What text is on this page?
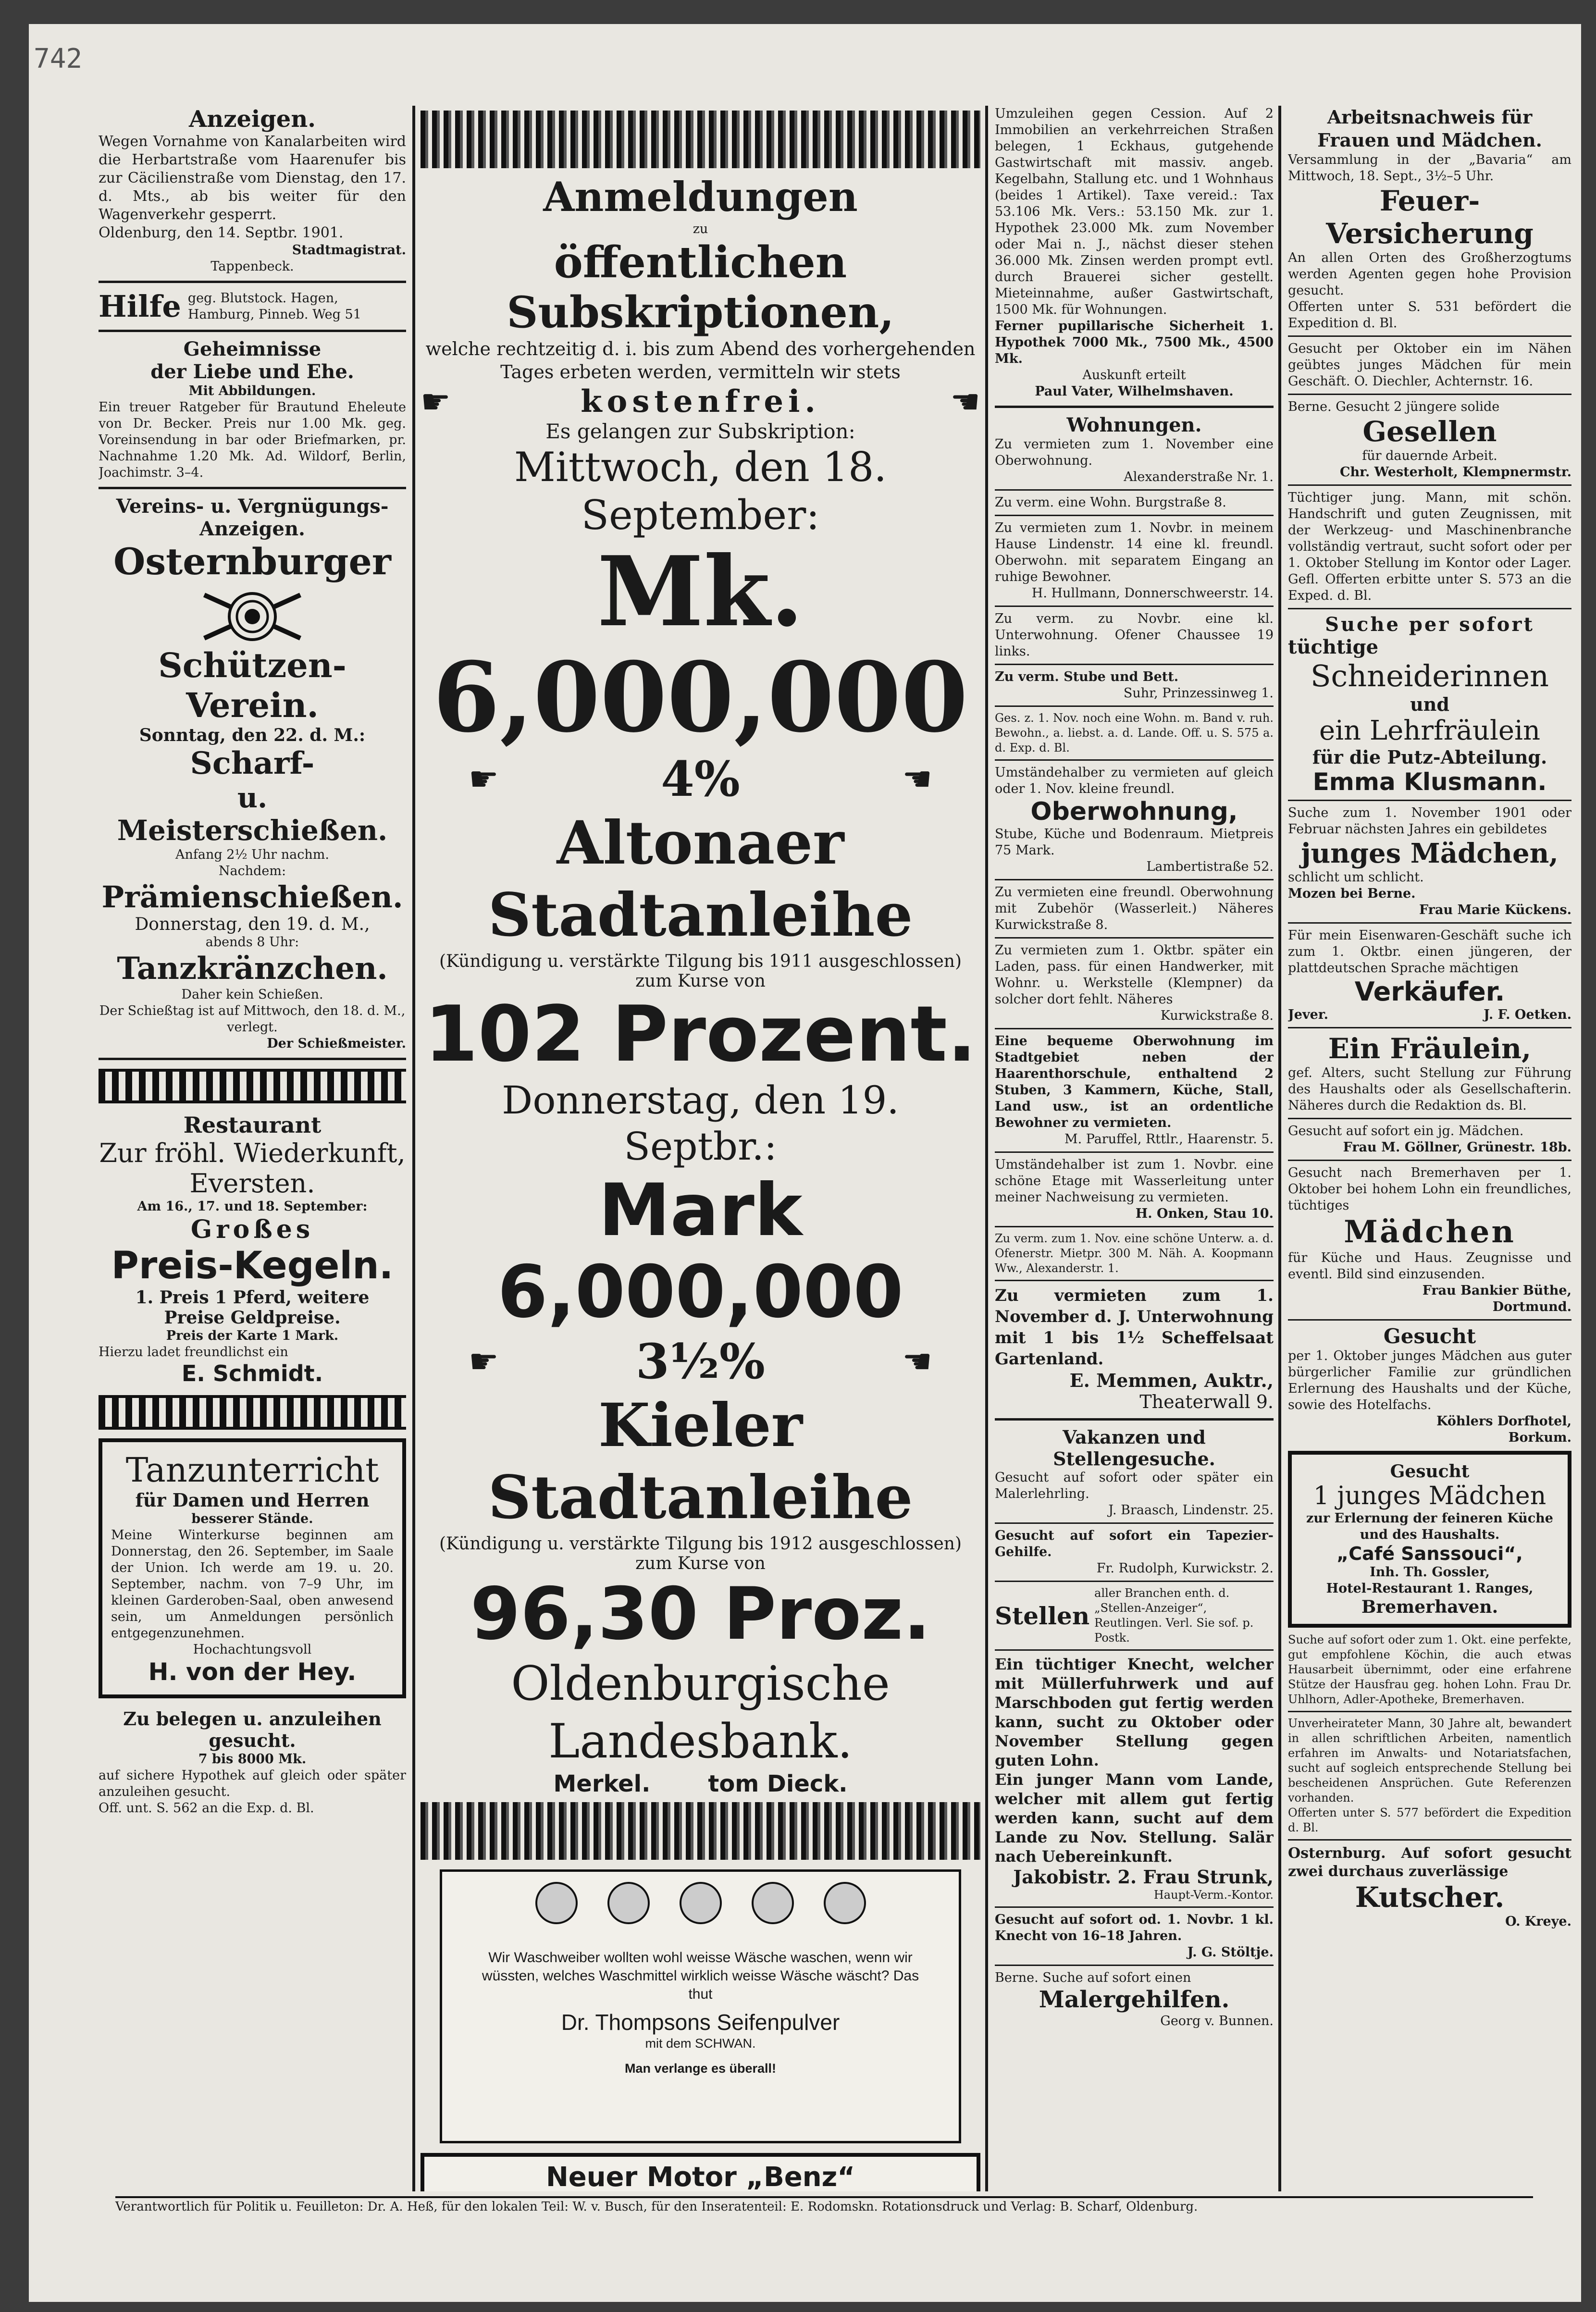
742
Anzeigen.
Wegen Vornahme von Kanalarbeiten wird die Herbartstraße vom Haarenufer bis zur Cäcilienstraße vom Dienstag, den 17. d. Mts., ab bis weiter für den Wagenverkehr gesperrt.
Oldenburg, den 14. Septbr. 1901.
Stadtmagistrat.
Tappenbeck.
Hilfe geg. Blutstock. Hagen, Hamburg, Pinneb. Weg 51
Geheimnisse
der Liebe und Ehe.
Mit Abbildungen.
Ein treuer Ratgeber für Brautund Eheleute von Dr. Becker. Preis nur 1.00 Mk. geg. Voreinsendung in bar oder Briefmarken, pr. Nachnahme 1.20 Mk. Ad. Wildorf, Berlin, Joachimstr. 3–4.
Vereins- u. Vergnügungs-
Anzeigen.
Osternburger
Schützen-Verein.
Sonntag, den 22. d. M.:
Scharf-
u. Meisterschießen.
Anfang 2½ Uhr nachm.
Nachdem:
Prämienschießen.
Donnerstag, den 19. d. M.,
abends 8 Uhr:
Tanzkränzchen.
Daher kein Schießen.
Der Schießtag ist auf Mittwoch, den 18. d. M., verlegt.
Der Schießmeister.
Restaurant
Zur fröhl. Wiederkunft,
Eversten.
Am 16., 17. und 18. September:
Großes
Preis-Kegeln.
1. Preis 1 Pferd, weitere
Preise Geldpreise.
Preis der Karte 1 Mark.
Hierzu ladet freundlichst ein
E. Schmidt.
Tanzunterricht
für Damen und Herren
besserer Stände.
Meine Winterkurse beginnen am Donnerstag, den 26. September, im Saale der Union. Ich werde am 19. u. 20. September, nachm. von 7–9 Uhr, im kleinen Garderoben-Saal, oben anwesend sein, um Anmeldungen persönlich entgegenzunehmen.
Hochachtungsvoll
H. von der Hey.
Zu belegen u. anzuleihen gesucht.
7 bis 8000 Mk.
auf sichere Hypothek auf gleich oder später anzuleihen gesucht.
Off. unt. S. 562 an die Exp. d. Bl.
Anmeldungen
zu
öffentlichen Subskriptionen,
welche rechtzeitig d. i. bis zum Abend des vorhergehenden Tages erbeten werden, vermitteln wir stets
☛	kostenfrei.	☚
Es gelangen zur Subskription:
Mittwoch, den 18. September:
Mk. 6,000,000
☛	4%	☚
Altonaer Stadtanleihe
(Kündigung u. verstärkte Tilgung bis 1911 ausgeschlossen)
zum Kurse von
102 Prozent.
Donnerstag, den 19. Septbr.:
Mark 6,000,000
☛	3½%	☚
Kieler Stadtanleihe
(Kündigung u. verstärkte Tilgung bis 1912 ausgeschlossen)
zum Kurse von
96,30 Proz.
Oldenburgische Landesbank.
Merkel.	tom Dieck.
Wir Waschweiber wollten wohl weisse Wäsche waschen, wenn wir wüssten, welches Waschmittel wirklich weisse Wäsche wäscht? Das thut
Dr. Thompsons Seifenpulver
mit dem SCHWAN.
Man verlange es überall!
Neuer Motor „Benz“
Umzuleihen gegen Cession. Auf 2 Immobilien an verkehrreichen Straßen belegen, 1 Eckhaus, gutgehende Gastwirtschaft mit massiv. angeb. Kegelbahn, Stallung etc. und 1 Wohnhaus (beides 1 Artikel). Taxe vereid.: Tax 53.106 Mk. Vers.: 53.150 Mk. zur 1. Hypothek 23.000 Mk. zum November oder Mai n. J., nächst dieser stehen 36.000 Mk. Zinsen werden prompt evtl. durch Brauerei sicher gestellt. Mieteinnahme, außer Gastwirtschaft, 1500 Mk. für Wohnungen.
Ferner pupillarische Sicherheit 1. Hypothek 7000 Mk., 7500 Mk., 4500 Mk.
Auskunft erteilt
Paul Vater, Wilhelmshaven.
Wohnungen.
Zu vermieten zum 1. November eine Oberwohnung.
Alexanderstraße Nr. 1.
Zu verm. eine Wohn. Burgstraße 8.
Zu vermieten zum 1. Novbr. in meinem Hause Lindenstr. 14 eine kl. freundl. Oberwohn. mit separatem Eingang an ruhige Bewohner.
H. Hullmann, Donnerschweerstr. 14.
Zu verm. zu Novbr. eine kl. Unterwohnung. Ofener Chaussee 19 links.
Zu verm. Stube und Bett.
Suhr, Prinzessinweg 1.
Ges. z. 1. Nov. noch eine Wohn. m. Band v. ruh. Bewohn., a. liebst. a. d. Lande. Off. u. S. 575 a. d. Exp. d. Bl.
Umständehalber zu vermieten auf gleich oder 1. Nov. kleine freundl.
Oberwohnung,
Stube, Küche und Bodenraum. Mietpreis 75 Mark.
Lambertistraße 52.
Zu vermieten eine freundl. Oberwohnung mit Zubehör (Wasserleit.) Näheres Kurwickstraße 8.
Zu vermieten zum 1. Oktbr. später ein Laden, pass. für einen Handwerker, mit Wohnr. u. Werkstelle (Klempner) da solcher dort fehlt. Näheres
Kurwickstraße 8.
Eine bequeme Oberwohnung im Stadtgebiet neben der Haarenthorschule, enthaltend 2 Stuben, 3 Kammern, Küche, Stall, Land usw., ist an ordentliche Bewohner zu vermieten.
M. Paruffel, Rttlr., Haarenstr. 5.
Umständehalber ist zum 1. Novbr. eine schöne Etage mit Wasserleitung unter meiner Nachweisung zu vermieten.
H. Onken, Stau 10.
Zu verm. zum 1. Nov. eine schöne Unterw. a. d. Ofenerstr. Mietpr. 300 M. Näh. A. Koopmann Ww., Alexanderstr. 1.
Zu vermieten zum 1. November d. J. Unterwohnung mit 1 bis 1½ Scheffelsaat Gartenland.
E. Memmen, Auktr.,
Theaterwall 9.
Vakanzen und Stellengesuche.
Gesucht auf sofort oder später ein Malerlehrling.
J. Braasch, Lindenstr. 25.
Gesucht auf sofort ein Tapezier-Gehilfe.
Fr. Rudolph, Kurwickstr. 2.
Stellen
aller Branchen enth. d. „Stellen-Anzeiger“, Reutlingen. Verl. Sie sof. p. Postk.
Ein tüchtiger Knecht, welcher mit Müllerfuhrwerk und auf Marschboden gut fertig werden kann, sucht zu Oktober oder November Stellung gegen guten Lohn.
Ein junger Mann vom Lande, welcher mit allem gut fertig werden kann, sucht auf dem Lande zu Nov. Stellung. Salär nach Uebereinkunft.
Jakobistr. 2. Frau Strunk,
Haupt-Verm.-Kontor.
Gesucht auf sofort od. 1. Novbr. 1 kl. Knecht von 16–18 Jahren.
J. G. Stöltje.
Berne. Suche auf sofort einen
Malergehilfen.
Georg v. Bunnen.
Arbeitsnachweis für Frauen und Mädchen.
Versammlung in der „Bavaria“ am Mittwoch, 18. Sept., 3½–5 Uhr.
Feuer-Versicherung
An allen Orten des Großherzogtums werden Agenten gegen hohe Provision gesucht.
Offerten unter S. 531 befördert die Expedition d. Bl.
Gesucht per Oktober ein im Nähen geübtes junges Mädchen für mein Geschäft. O. Diechler, Achternstr. 16.
Berne. Gesucht 2 jüngere solide
Gesellen
für dauernde Arbeit.
Chr. Westerholt, Klempnermstr.
Tüchtiger jung. Mann, mit schön. Handschrift und guten Zeugnissen, mit der Werkzeug- und Maschinenbranche vollständig vertraut, sucht sofort oder per 1. Oktober Stellung im Kontor oder Lager. Gefl. Offerten erbitte unter S. 573 an die Exped. d. Bl.
Suche per sofort
tüchtige
Schneiderinnen
und
ein Lehrfräulein
für die Putz-Abteilung.
Emma Klusmann.
Suche zum 1. November 1901 oder Februar nächsten Jahres ein gebildetes
junges Mädchen,
schlicht um schlicht.
Mozen bei Berne.
Frau Marie Kückens.
Für mein Eisenwaren-Geschäft suche ich zum 1. Oktbr. einen jüngeren, der plattdeutschen Sprache mächtigen
Verkäufer.
Jever.	J. F. Oetken.
Ein Fräulein,
gef. Alters, sucht Stellung zur Führung des Haushalts oder als Gesellschafterin. Näheres durch die Redaktion ds. Bl.
Gesucht auf sofort ein jg. Mädchen.
Frau M. Göllner, Grünestr. 18b.
Gesucht nach Bremerhaven per 1. Oktober bei hohem Lohn ein freundliches, tüchtiges
Mädchen
für Küche und Haus. Zeugnisse und eventl. Bild sind einzusenden.
Frau Bankier Büthe,
Dortmund.
Gesucht
per 1. Oktober junges Mädchen aus guter bürgerlicher Familie zur gründlichen Erlernung des Haushalts und der Küche, sowie des Hotelfachs.
Köhlers Dorfhotel,
Borkum.
Gesucht
1 junges Mädchen
zur Erlernung der feineren Küche und des Haushalts.
„Café Sanssouci“,
Inh. Th. Gossler,
Hotel-Restaurant 1. Ranges,
Bremerhaven.
Suche auf sofort oder zum 1. Okt. eine perfekte, gut empfohlene Köchin, die auch etwas Hausarbeit übernimmt, oder eine erfahrene Stütze der Hausfrau geg. hohen Lohn. Frau Dr. Uhlhorn, Adler-Apotheke, Bremerhaven.
Unverheirateter Mann, 30 Jahre alt, bewandert in allen schriftlichen Arbeiten, namentlich erfahren im Anwalts- und Notariatsfachen, sucht auf sogleich entsprechende Stellung bei bescheidenen Ansprüchen. Gute Referenzen vorhanden.
Offerten unter S. 577 befördert die Expedition d. Bl.
Osternburg. Auf sofort gesucht zwei durchaus zuverlässige
Kutscher.
O. Kreye.
Verantwortlich für Politik u. Feuilleton: Dr. A. Heß, für den lokalen Teil: W. v. Busch, für den Inseratenteil: E. Rodomskn. Rotationsdruck und Verlag: B. Scharf, Oldenburg.
